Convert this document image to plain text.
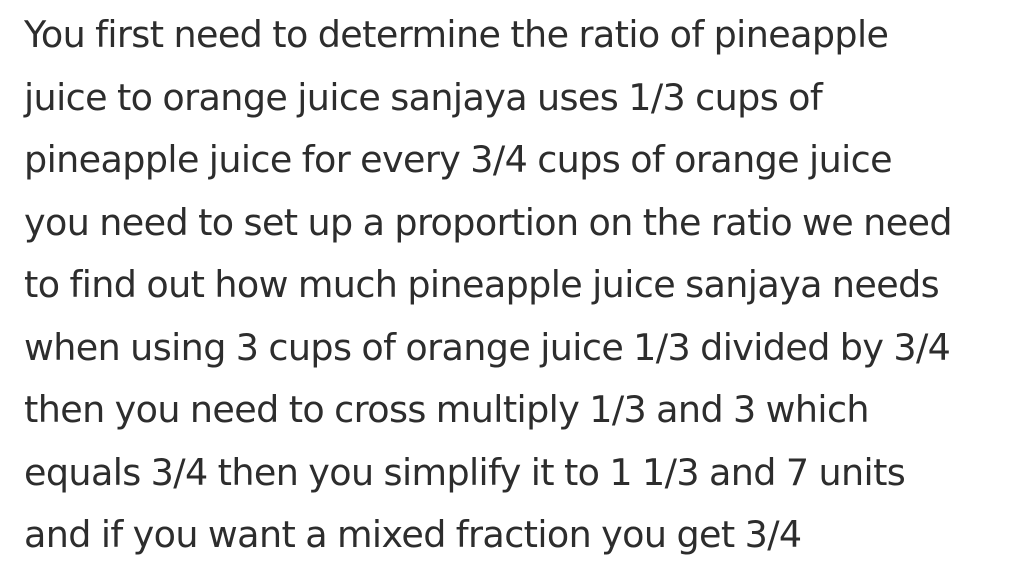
You first need to determine the ratio of pineapple
juice to orange juice sanjaya uses 1/3 cups of
pineapple juice for every 3/4 cups of orange juice
you need to set up a proportion on the ratio we need
to find out how much pineapple juice sanjaya needs
when using 3 cups of orange juice 1/3 divided by 3/4
then you need to cross multiply 1/3 and 3 which
equals 3/4 then you simplify it to 1 1/3 and 7 units
and if you want a mixed fraction you get 3/4
